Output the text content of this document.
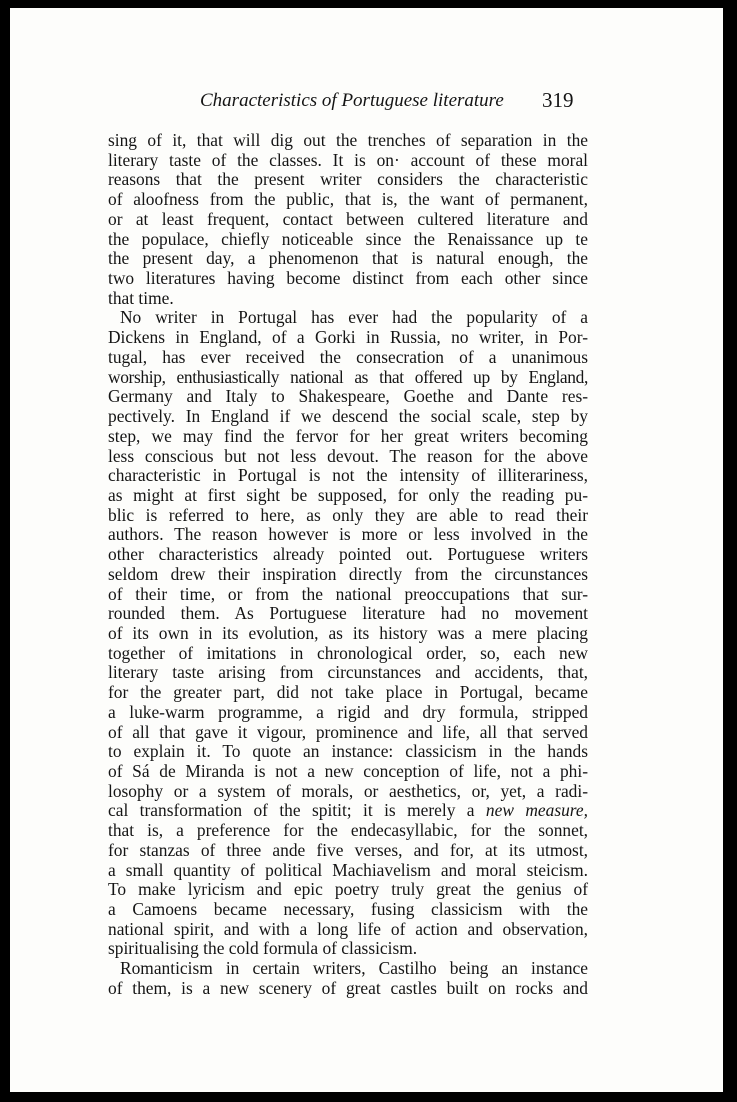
Characteristics of Portuguese literature 319
sing of it, that will dig out the trenches of separation in the
literary taste of the classes. It is on· account of these moral
reasons that the present writer considers the characteristic
of aloofness from the public, that is, the want of permanent,
or at least frequent, contact between cultered literature and
the populace, chiefly noticeable since the Renaissance up te
the present day, a phenomenon that is natural enough, the
two literatures having become distinct from each other since
that time.
No writer in Portugal has ever had the popularity of a
Dickens in England, of a Gorki in Russia, no writer, in Por-
tugal, has ever received the consecration of a unanimous
worship, enthusiastically national as that offered up by England,
Germany and Italy to Shakespeare, Goethe and Dante res-
pectively. In England if we descend the social scale, step by
step, we may find the fervor for her great writers becoming
less conscious but not less devout. The reason for the above
characteristic in Portugal is not the intensity of illiterariness,
as might at first sight be supposed, for only the reading pu-
blic is referred to here, as only they are able to read their
authors. The reason however is more or less involved in the
other characteristics already pointed out. Portuguese writers
seldom drew their inspiration directly from the circunstances
of their time, or from the national preoccupations that sur-
rounded them. As Portuguese literature had no movement
of its own in its evolution, as its history was a mere placing
together of imitations in chronological order, so, each new
literary taste arising from circunstances and accidents, that,
for the greater part, did not take place in Portugal, became
a luke-warm programme, a rigid and dry formula, stripped
of all that gave it vigour, prominence and life, all that served
to explain it. To quote an instance: classicism in the hands
of Sá de Miranda is not a new conception of life, not a phi-
losophy or a system of morals, or aesthetics, or, yet, a radi-
cal transformation of the spitit; it is merely a new measure,
that is, a preference for the endecasyllabic, for the sonnet,
for stanzas of three ande five verses, and for, at its utmost,
a small quantity of political Machiavelism and moral steicism.
To make lyricism and epic poetry truly great the genius of
a Camoens became necessary, fusing classicism with the
national spirit, and with a long life of action and observation,
spiritualising the cold formula of classicism.
Romanticism in certain writers, Castilho being an instance
of them, is a new scenery of great castles built on rocks and
